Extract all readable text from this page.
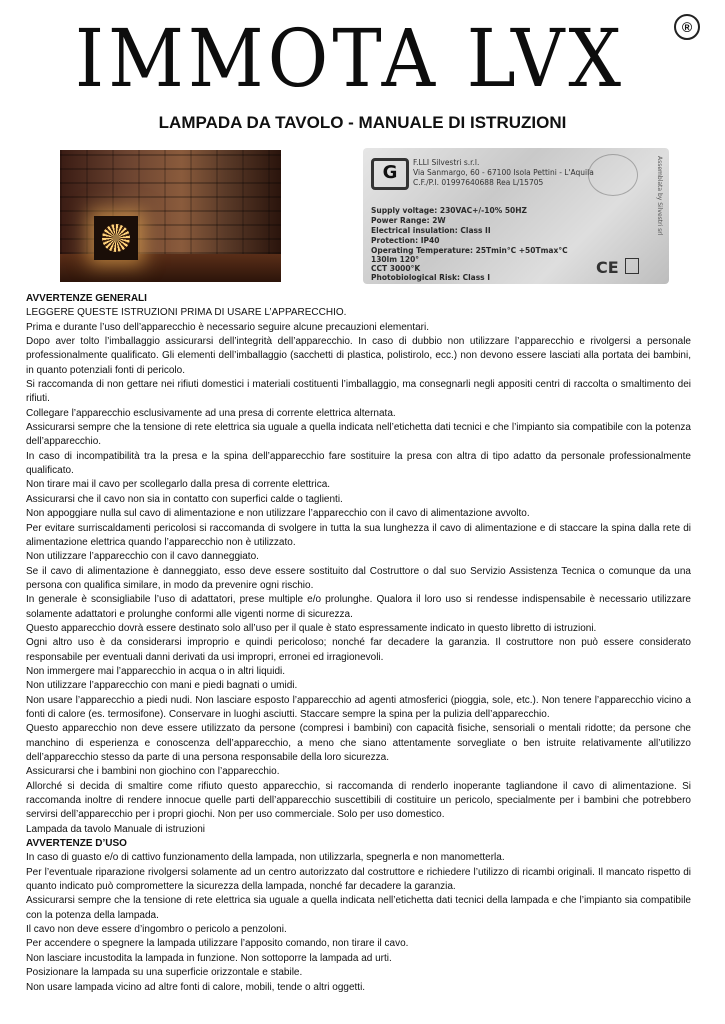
IMMOTA LVX	®
LAMPADA DA TAVOLO - MANUALE DI ISTRUZIONI
G	F.LLI Silvestri s.r.l.
Via Sanmargo, 60 - 67100 Isola Pettini - L'Aquila
C.F./P.I. 01997640688 Rea L/15705
Supply voltage: 230VAC+/-10% 50HZ
Power Range: 2W
Electrical insulation: Class II
Protection: IP40
Operating Temperature: 25Tmin°C +50Tmax°C
130lm 120°
CCT 3000°K
Photobiological Risk: Class I
CE
Assemblata by Silvestri srl

AVVERTENZE GENERALI

LEGGERE QUESTE ISTRUZIONI PRIMA DI USARE L’APPARECCHIO.

Prima e durante l’uso dell’apparecchio è necessario seguire alcune precauzioni elementari.

Dopo aver tolto l’imballaggio assicurarsi dell’integrità dell’apparecchio. In caso di dubbio non utilizzare l’apparecchio e rivolgersi a personale professionalmente qualificato. Gli elementi dell’imballaggio (sacchetti di plastica, polistirolo, ecc.) non devono essere lasciati alla portata dei bambini, in quanto potenziali fonti di pericolo.

Si raccomanda di non gettare nei rifiuti domestici i materiali costituenti l’imballaggio, ma consegnarli negli appositi centri di raccolta o smaltimento dei rifiuti.

Collegare l’apparecchio esclusivamente ad una presa di corrente elettrica alternata.

Assicurarsi sempre che la tensione di rete elettrica sia uguale a quella indicata nell’etichetta dati tecnici e che l’impianto sia compatibile con la potenza dell’apparecchio.

In caso di incompatibilità tra la presa e la spina dell’apparecchio fare sostituire la presa con altra di tipo adatto da personale professionalmente qualificato.

Non tirare mai il cavo per scollegarlo dalla presa di corrente elettrica.

Assicurarsi che il cavo non sia in contatto con superfici calde o taglienti.

Non appoggiare nulla sul cavo di alimentazione e non utilizzare l’apparecchio con il cavo di alimentazione avvolto.

Per evitare surriscaldamenti pericolosi si raccomanda di svolgere in tutta la sua lunghezza il cavo di alimentazione e di staccare la spina dalla rete di alimentazione elettrica quando l’apparecchio non è utilizzato.

Non utilizzare l’apparecchio con il cavo danneggiato.

Se il cavo di alimentazione è danneggiato, esso deve essere sostituito dal Costruttore o dal suo Servizio Assistenza Tecnica o comunque da una persona con qualifica similare, in modo da prevenire ogni rischio.

In generale è sconsigliabile l’uso di adattatori, prese multiple e/o prolunghe. Qualora il loro uso si rendesse indispensabile è necessario utilizzare solamente adattatori e prolunghe conformi alle vigenti norme di sicurezza.

Questo apparecchio dovrà essere destinato solo all’uso per il quale è stato espressamente indicato in questo libretto di istruzioni.

Ogni altro uso è da considerarsi improprio e quindi pericoloso; nonché far decadere la garanzia. Il costruttore non può essere considerato responsabile per eventuali danni derivati da usi impropri, erronei ed irragionevoli.

Non immergere mai l’apparecchio in acqua o in altri liquidi.

Non utilizzare l’apparecchio con mani e piedi bagnati o umidi.

Non usare l’apparecchio a piedi nudi. Non lasciare esposto l’apparecchio ad agenti atmosferici (pioggia, sole, etc.). Non tenere l’apparecchio vicino a fonti di calore (es. termosifone). Conservare in luoghi asciutti. Staccare sempre la spina per la pulizia dell’apparecchio.

Questo apparecchio non deve essere utilizzato da persone (compresi i bambini) con capacità fisiche, sensoriali o mentali ridotte; da persone che manchino di esperienza e conoscenza dell’apparecchio, a meno che siano attentamente sorvegliate o ben istruite relativamente all’utilizzo dell’apparecchio stesso da parte di una persona responsabile della loro sicurezza.

Assicurarsi che i bambini non giochino con l’apparecchio.

Allorché si decida di smaltire come rifiuto questo apparecchio, si raccomanda di renderlo inoperante tagliandone il cavo di alimentazione. Si raccomanda inoltre di rendere innocue quelle parti dell’apparecchio suscettibili di costituire un pericolo, specialmente per i bambini che potrebbero servirsi dell’apparecchio per i propri giochi. Non per uso commerciale. Solo per uso domestico.

Lampada da tavolo Manuale di istruzioni

AVVERTENZE D’USO

In caso di guasto e/o di cattivo funzionamento della lampada, non utilizzarla, spegnerla e non manometterla.

Per l’eventuale riparazione rivolgersi solamente ad un centro autorizzato dal costruttore e richiedere l’utilizzo di ricambi originali. Il mancato rispetto di quanto indicato può compromettere la sicurezza della lampada, nonché far decadere la garanzia.

Assicurarsi sempre che la tensione di rete elettrica sia uguale a quella indicata nell’etichetta dati tecnici della lampada e che l’impianto sia compatibile con la potenza della lampada.

Il cavo non deve essere d’ingombro o pericolo a penzoloni.

Per accendere o spegnere la lampada utilizzare l’apposito comando, non tirare il cavo.

Non lasciare incustodita la lampada in funzione. Non sottoporre la lampada ad urti.

Posizionare la lampada su una superficie orizzontale e stabile.

Non usare lampada vicino ad altre fonti di calore, mobili, tende o altri oggetti.
